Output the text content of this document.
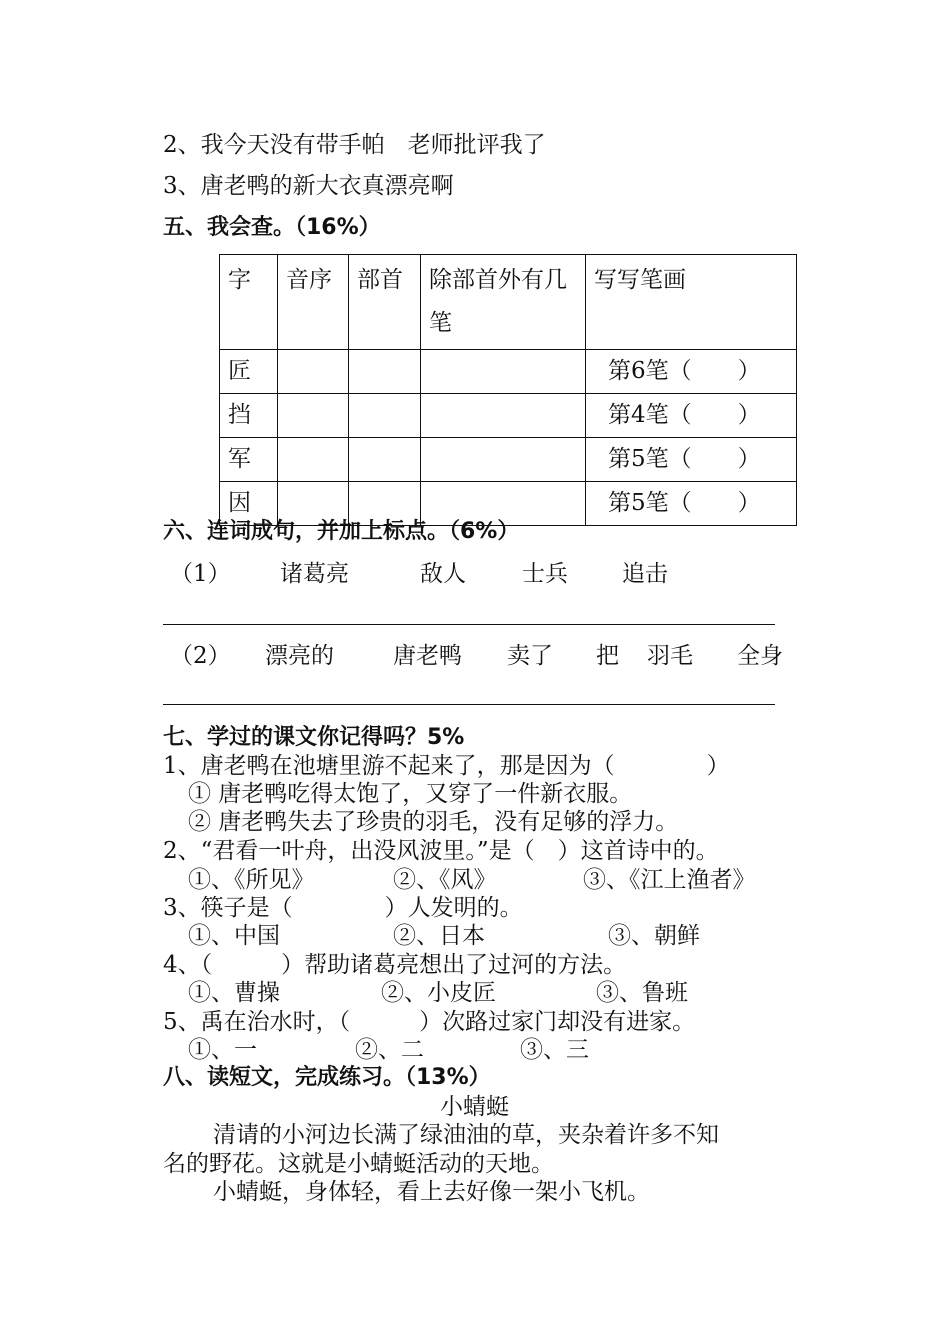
2、我今天没有带手帕　老师批评我了
3、唐老鸭的新大衣真漂亮啊
五、我会查。（16%）
字	音序	部首	除部首外有几笔	写写笔画
匠				第6笔（　　）
挡				第4笔（　　）
军				第5笔（　　）
因				第5笔（　　）
六、连词成句，并加上标点。（6%）
（1） 诸葛亮	敌人 士兵 追击
（2） 漂亮的	唐老鸭 卖了 把 羽毛 全身
七、学过的课文你记得吗？5%
1、唐老鸭在池塘里游不起来了，那是因为（　　　　）
① 唐老鸭吃得太饱了，又穿了一件新衣服。
② 唐老鸭失去了珍贵的羽毛，没有足够的浮力。
2、“君看一叶舟，出没风波里。”是（　）这首诗中的。
①、《所见》	②、《风》	③、《江上渔者》
3、筷子是（　　　　）人发明的。
①、中国	②、日本	③、朝鲜
4、（　　　）帮助诸葛亮想出了过河的方法。
①、曹操	②、小皮匠	③、鲁班
5、禹在治水时，（　　　）次路过家门却没有进家。
①、一	②、二	③、三
八、读短文，完成练习。（13%）
小蜻蜓
清请的小河边长满了绿油油的草，夹杂着许多不知
名的野花。这就是小蜻蜓活动的天地。
小蜻蜓，身体轻，看上去好像一架小飞机。
